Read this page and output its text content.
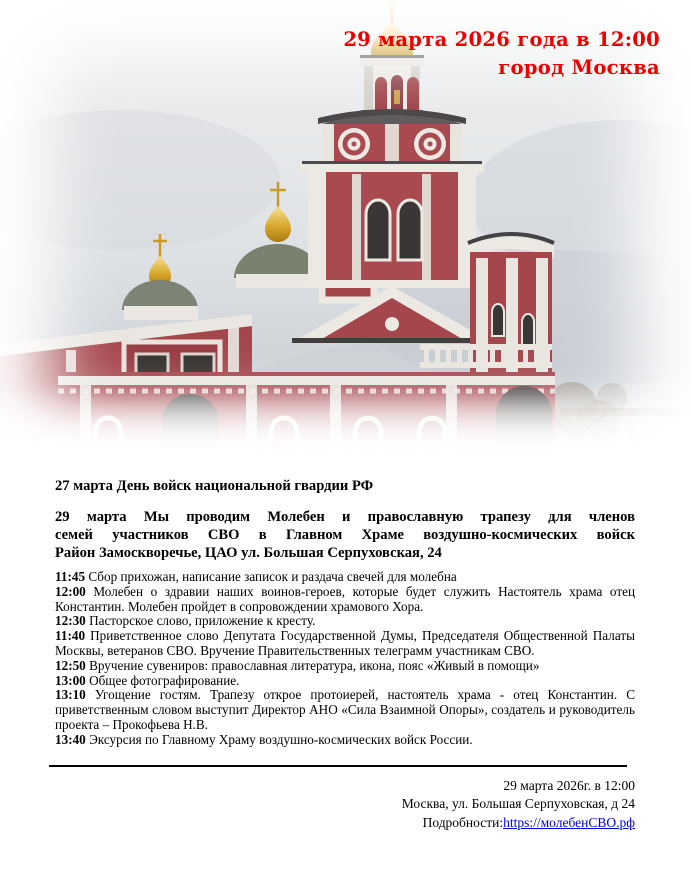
29 марта 2026 года в 12:00
город Москва
27 марта День войск национальной гвардии РФ
29 марта Мы проводим Молебен и православную трапезу для членов
семей участников СВО в Главном Храме воздушно-космических войск
Район Замоскворечье, ЦАО ул. Большая Серпуховская, 24

11:45 Сбор прихожан, написание записок и раздача свечей для молебна

12:00 Молебен о здравии наших воинов-героев, которые будет служить Настоятель храма отец Константин. Молебен пройдет в сопровождении храмового Хора.

12:30 Пасторское слово, приложение к кресту.

11:40 Приветственное слово Депутата Государственной Думы, Председателя Общественной Палаты Москвы, ветеранов СВО. Вручение Правительственных телеграмм участникам СВО.

12:50 Вручение сувениров: православная литература, икона, пояс «Живый в помощи»

13:00 Общее фотографирование.

13:10 Угощение гостям. Трапезу открое протоиерей, настоятель храма - отец Константин. С приветственным словом выступит Директор АНО «Сила Взаимной Опоры», создатель и руководитель проекта – Прокофьева Н.В.

13:40 Эксурсия по Главному Храму воздушно-космических войск России.

29 марта 2026г. в 12:00
Москва, ул. Большая Серпуховская, д 24
Подробности:https://молебенСВО.рф
